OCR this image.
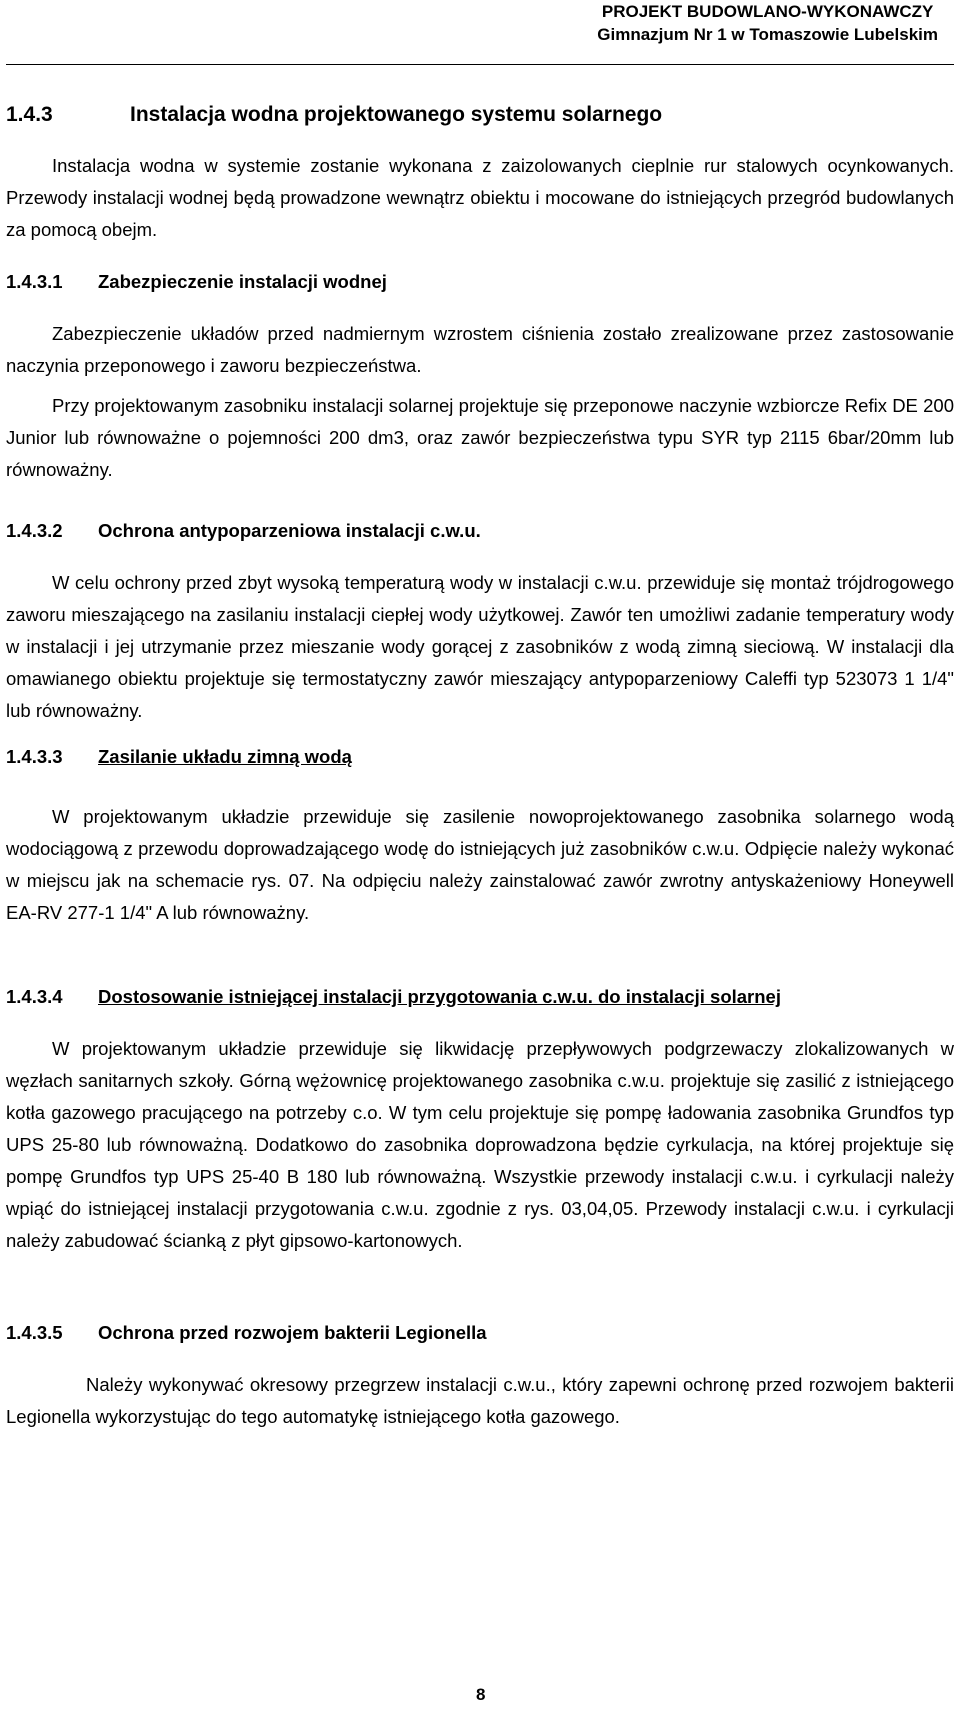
PROJEKT BUDOWLANO-WYKONAWCZY
Gimnazjum Nr 1 w Tomaszowie Lubelskim
1.4.3	Instalacja wodna projektowanego systemu solarnego

Instalacja wodna w systemie zostanie wykonana z zaizolowanych cieplnie rur stalowych ocynkowanych. Przewody instalacji wodnej będą prowadzone wewnątrz obiektu i mocowane do istniejących przegród budowlanych za pomocą obejm.

1.4.3.1 Zabezpieczenie instalacji wodnej

Zabezpieczenie układów przed nadmiernym wzrostem ciśnienia zostało zrealizowane przez zastosowanie naczynia przeponowego i zaworu bezpieczeństwa.

Przy projektowanym zasobniku instalacji solarnej projektuje się przeponowe naczynie wzbiorcze Refix DE 200 Junior lub równoważne o pojemności 200 dm3, oraz zawór bezpieczeństwa typu SYR typ 2115 6bar/20mm lub równoważny.

1.4.3.2 Ochrona antypoparzeniowa instalacji c.w.u.

W celu ochrony przed zbyt wysoką temperaturą wody w instalacji c.w.u. przewiduje się montaż trójdrogowego zaworu mieszającego na zasilaniu instalacji ciepłej wody użytkowej. Zawór ten umożliwi zadanie temperatury wody w instalacji i jej utrzymanie przez mieszanie wody gorącej z zasobników z wodą zimną sieciową. W instalacji dla omawianego obiektu projektuje się termostatyczny zawór mieszający antypoparzeniowy Caleffi typ 523073 1 1/4" lub równoważny.

1.4.3.3 Zasilanie układu zimną wodą

W projektowanym układzie przewiduje się zasilenie nowoprojektowanego zasobnika solarnego wodą wodociągową z przewodu doprowadzającego wodę do istniejących już zasobników c.w.u. Odpięcie należy wykonać w miejscu jak na schemacie rys. 07. Na odpięciu należy zainstalować zawór zwrotny antyskażeniowy Honeywell EA-RV 277-1 1/4" A lub równoważny.

1.4.3.4 Dostosowanie istniejącej instalacji przygotowania c.w.u. do instalacji solarnej

W projektowanym układzie przewiduje się likwidację przepływowych podgrzewaczy zlokalizowanych w węzłach sanitarnych szkoły. Górną wężownicę projektowanego zasobnika c.w.u. projektuje się zasilić z istniejącego kotła gazowego pracującego na potrzeby c.o. W tym celu projektuje się pompę ładowania zasobnika Grundfos typ UPS 25-80 lub równoważną. Dodatkowo do zasobnika doprowadzona będzie cyrkulacja, na której projektuje się pompę Grundfos typ UPS 25-40 B 180 lub równoważną. Wszystkie przewody instalacji c.w.u. i cyrkulacji należy wpiąć do istniejącej instalacji przygotowania c.w.u. zgodnie z rys. 03,04,05. Przewody instalacji c.w.u. i cyrkulacji należy zabudować ścianką z płyt gipsowo-kartonowych.

1.4.3.5 Ochrona przed rozwojem bakterii Legionella

Należy wykonywać okresowy przegrzew instalacji c.w.u., który zapewni ochronę przed rozwojem bakterii Legionella wykorzystując do tego automatykę istniejącego kotła gazowego.

8
